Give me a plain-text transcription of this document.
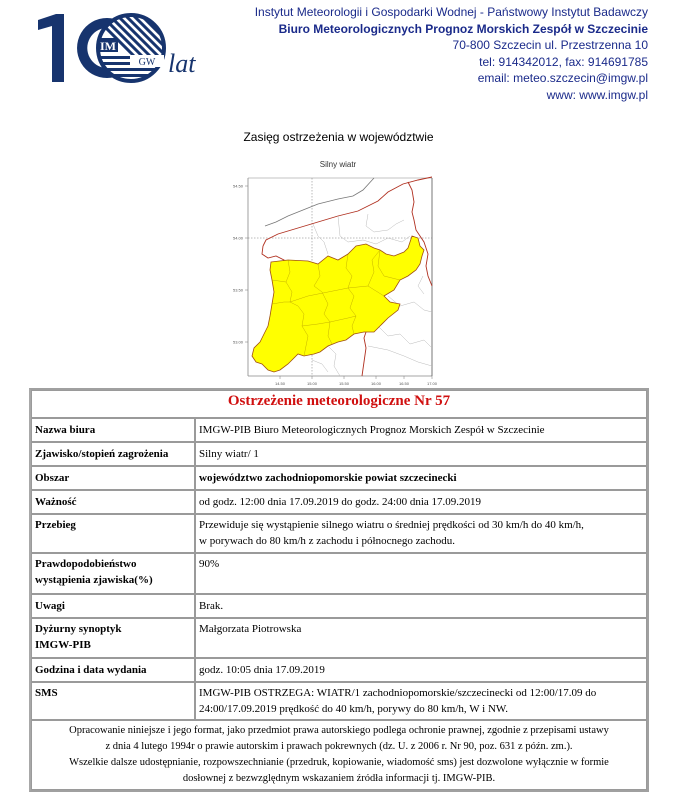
IM
GW lat
Instytut Meteorologii i Gospodarki Wodnej - Państwowy Instytut Badawczy
Biuro Meteorologicznych Prognoz Morskich Zespół w Szczecinie
70-800 Szczecin ul. Przestrzenna 10
tel: 914342012, fax: 914691785
email: meteo.szczecin@imgw.pl
www: www.imgw.pl
Zasięg ostrzeżenia w województwie
Silny wiatr
54.50
54.00
53.50
53.00
14.50	15.00	15.50	16.00	16.50	17.00
Ostrzeżenie meteorologiczne Nr 57	
Nazwa biura	IMGW-PIB Biuro Meteorologicznych Prognoz Morskich Zespół w Szczecinie
Zjawisko/stopień zagrożenia	Silny wiatr/ 1
Obszar	województwo zachodniopomorskie powiat szczecinecki
Ważność	od godz. 12:00 dnia 17.09.2019 do godz. 24:00 dnia 17.09.2019
Przebieg	Przewiduje się wystąpienie silnego wiatru o średniej prędkości od 30 km/h do 40 km/h,
w porywach do 80 km/h z zachodu i północnego zachodu.

Prawdopodobieństwo
wystąpienia zjawiska(%)	90%
Uwagi	Brak.

Dyżurny synoptyk
IMGW-PIB	Małgorzata Piotrowska
Godzina i data wydania	godz. 10:05 dnia 17.09.2019
SMS	IMGW-PIB OSTRZEGA: WIATR/1 zachodniopomorskie/szczecinecki od 12:00/17.09 do
24:00/17.09.2019 prędkość do 40 km/h, porywy do 80 km/h, W i NW.

Opracowanie niniejsze i jego format, jako przedmiot prawa autorskiego podlega ochronie prawnej, zgodnie z przepisami ustawy
z dnia 4 lutego 1994r o prawie autorskim i prawach pokrewnych (dz. U. z 2006 r. Nr 90, poz. 631 z późn. zm.).
Wszelkie dalsze udostępnianie, rozpowszechnianie (przedruk, kopiowanie, wiadomość sms) jest dozwolone wyłącznie w formie
dosłownej z bezwzględnym wskazaniem źródła informacji tj. IMGW-PIB.	
